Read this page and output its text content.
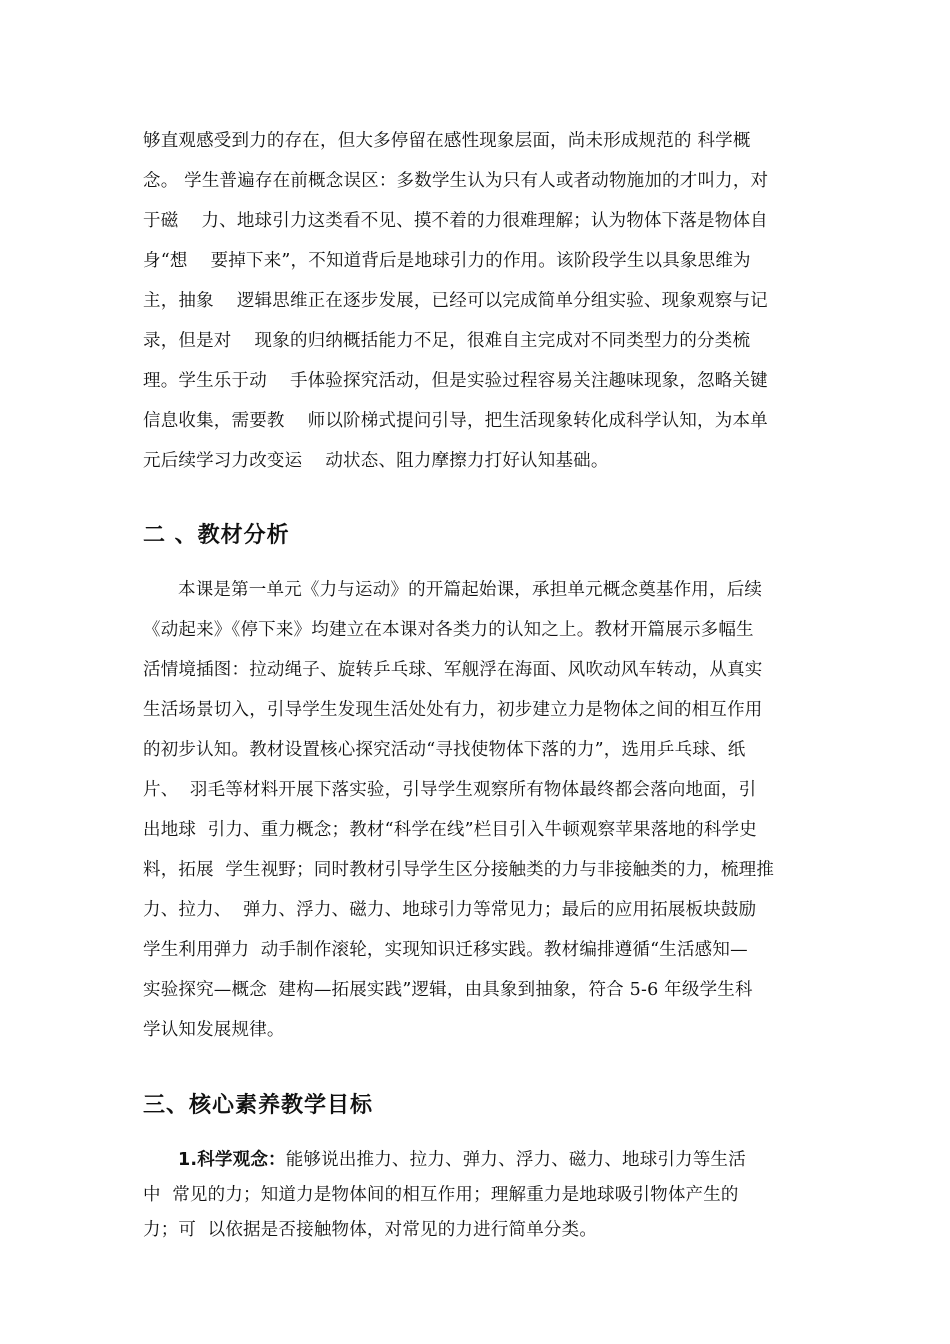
够直观感受到力的存在，但大多停留在感性现象层面，尚未形成规范的 科学概
念。 学生普遍存在前概念误区：多数学生认为只有人或者动物施加的才叫力，对
于磁    力、地球引力这类看不见、摸不着的力很难理解；认为物体下落是物体自
身“想    要掉下来”，不知道背后是地球引力的作用。该阶段学生以具象思维为
主，抽象    逻辑思维正在逐步发展，已经可以完成简单分组实验、现象观察与记
录，但是对    现象的归纳概括能力不足，很难自主完成对不同类型力的分类梳
理。学生乐于动    手体验探究活动，但是实验过程容易关注趣味现象，忽略关键
信息收集，需要教    师以阶梯式提问引导，把生活现象转化成科学认知，为本单
元后续学习力改变运    动状态、阻力摩擦力打好认知基础。
二 、教材分析
本课是第一单元《力与运动》的开篇起始课，承担单元概念奠基作用，后续
《动起来》《停下来》均建立在本课对各类力的认知之上。教材开篇展示多幅生
活情境插图：拉动绳子、旋转乒乓球、军舰浮在海面、风吹动风车转动，从真实
生活场景切入，引导学生发现生活处处有力，初步建立力是物体之间的相互作用
的初步认知。教材设置核心探究活动“寻找使物体下落的力”，选用乒乓球、纸
片、  羽毛等材料开展下落实验，引导学生观察所有物体最终都会落向地面，引
出地球  引力、重力概念；教材“科学在线”栏目引入牛顿观察苹果落地的科学史
料，拓展  学生视野；同时教材引导学生区分接触类的力与非接触类的力，梳理推
力、拉力、  弹力、浮力、磁力、地球引力等常见力；最后的应用拓展板块鼓励
学生利用弹力  动手制作滚轮，实现知识迁移实践。教材编排遵循“生活感知—
实验探究—概念  建构—拓展实践”逻辑，由具象到抽象，符合 5-6 年级学生科
学认知发展规律。
三、核心素养教学目标
1.科学观念：能够说出推力、拉力、弹力、浮力、磁力、地球引力等生活
中  常见的力；知道力是物体间的相互作用；理解重力是地球吸引物体产生的
力；可  以依据是否接触物体，对常见的力进行简单分类。
